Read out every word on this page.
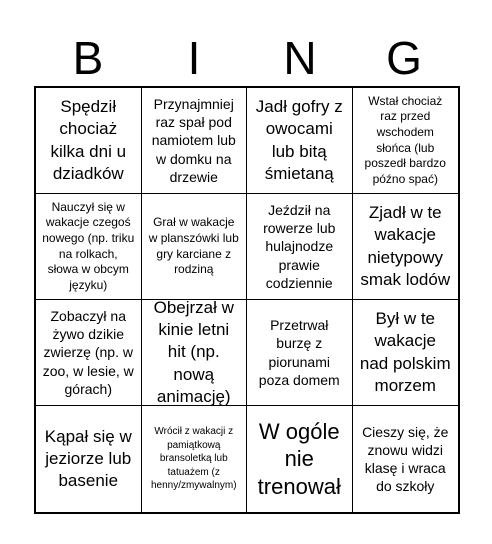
B	I	N	G
Spędził chociaż kilka dni u dziadków
Przynajmniej raz spał pod namiotem lub w domku na drzewie
Jadł gofry z owocami lub bitą śmietaną
Wstał chociaż raz przed wschodem słońca (lub poszedł bardzo późno spać)
Nauczył się w wakacje czegoś nowego (np. triku na rolkach, słowa w obcym języku)
Grał w wakacje w planszówki lub gry karciane z rodziną
Jeździł na rowerze lub hulajnodze prawie codziennie
Zjadł w te wakacje nietypowy smak lodów
Zobaczył na żywo dzikie zwierzę (np. w zoo, w lesie, w górach)
Obejrzał w kinie letni hit (np. nową animację)
Przetrwał burzę z piorunami poza domem
Był w te wakacje nad polskim morzem
Kąpał się w jeziorze lub basenie
Wrócił z wakacji z pamiątkową bransoletką lub tatuażem (z henny/zmywalnym)
W ogóle nie trenował
Cieszy się, że znowu widzi klasę i wraca do szkoły
